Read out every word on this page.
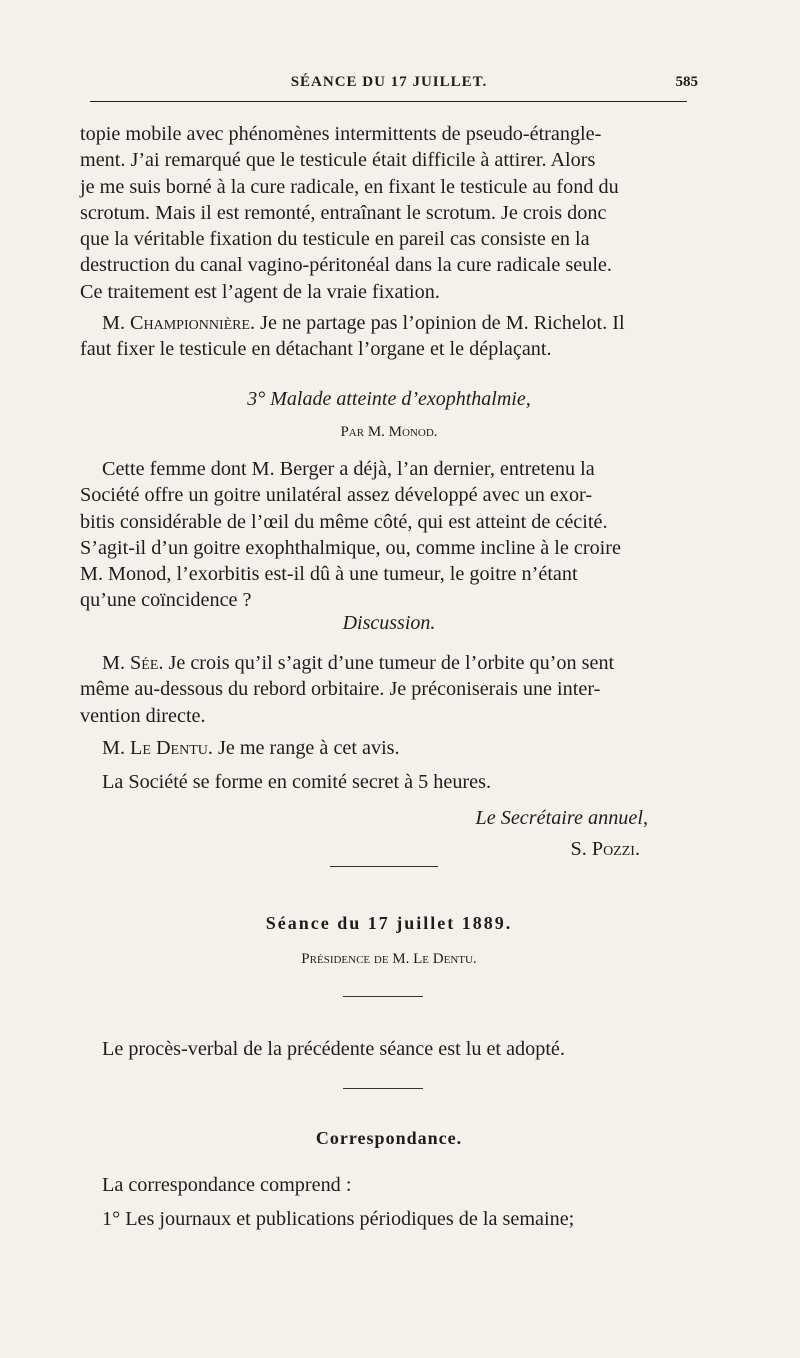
SÉANCE DU 17 JUILLET.	585
topie mobile avec phénomènes intermittents de pseudo-étrangle-
ment. J’ai remarqué que le testicule était difficile à attirer. Alors
je me suis borné à la cure radicale, en fixant le testicule au fond du
scrotum. Mais il est remonté, entraînant le scrotum. Je crois donc
que la véritable fixation du testicule en pareil cas consiste en la
destruction du canal vagino-péritonéal dans la cure radicale seule.
Ce traitement est l’agent de la vraie fixation.
M. Championnière. Je ne partage pas l’opinion de M. Richelot. Il
faut fixer le testicule en détachant l’organe et le déplaçant.
3° Malade atteinte d’exophthalmie,
Par M. Monod.
Cette femme dont M. Berger a déjà, l’an dernier, entretenu la
Société offre un goitre unilatéral assez développé avec un exor-
bitis considérable de l’œil du même côté, qui est atteint de cécité.
S’agit-il d’un goitre exophthalmique, ou, comme incline à le croire
M. Monod, l’exorbitis est-il dû à une tumeur, le goitre n’étant
qu’une coïncidence ?
Discussion.
M. Sée. Je crois qu’il s’agit d’une tumeur de l’orbite qu’on sent
même au-dessous du rebord orbitaire. Je préconiserais une inter-
vention directe.
M. Le Dentu. Je me range à cet avis.
La Société se forme en comité secret à 5 heures.
Le Secrétaire annuel,
S. Pozzi.
Séance du 17 juillet 1889.
Présidence de M. Le Dentu.
Le procès-verbal de la précédente séance est lu et adopté.
Correspondance.
La correspondance comprend :
1° Les journaux et publications périodiques de la semaine;
